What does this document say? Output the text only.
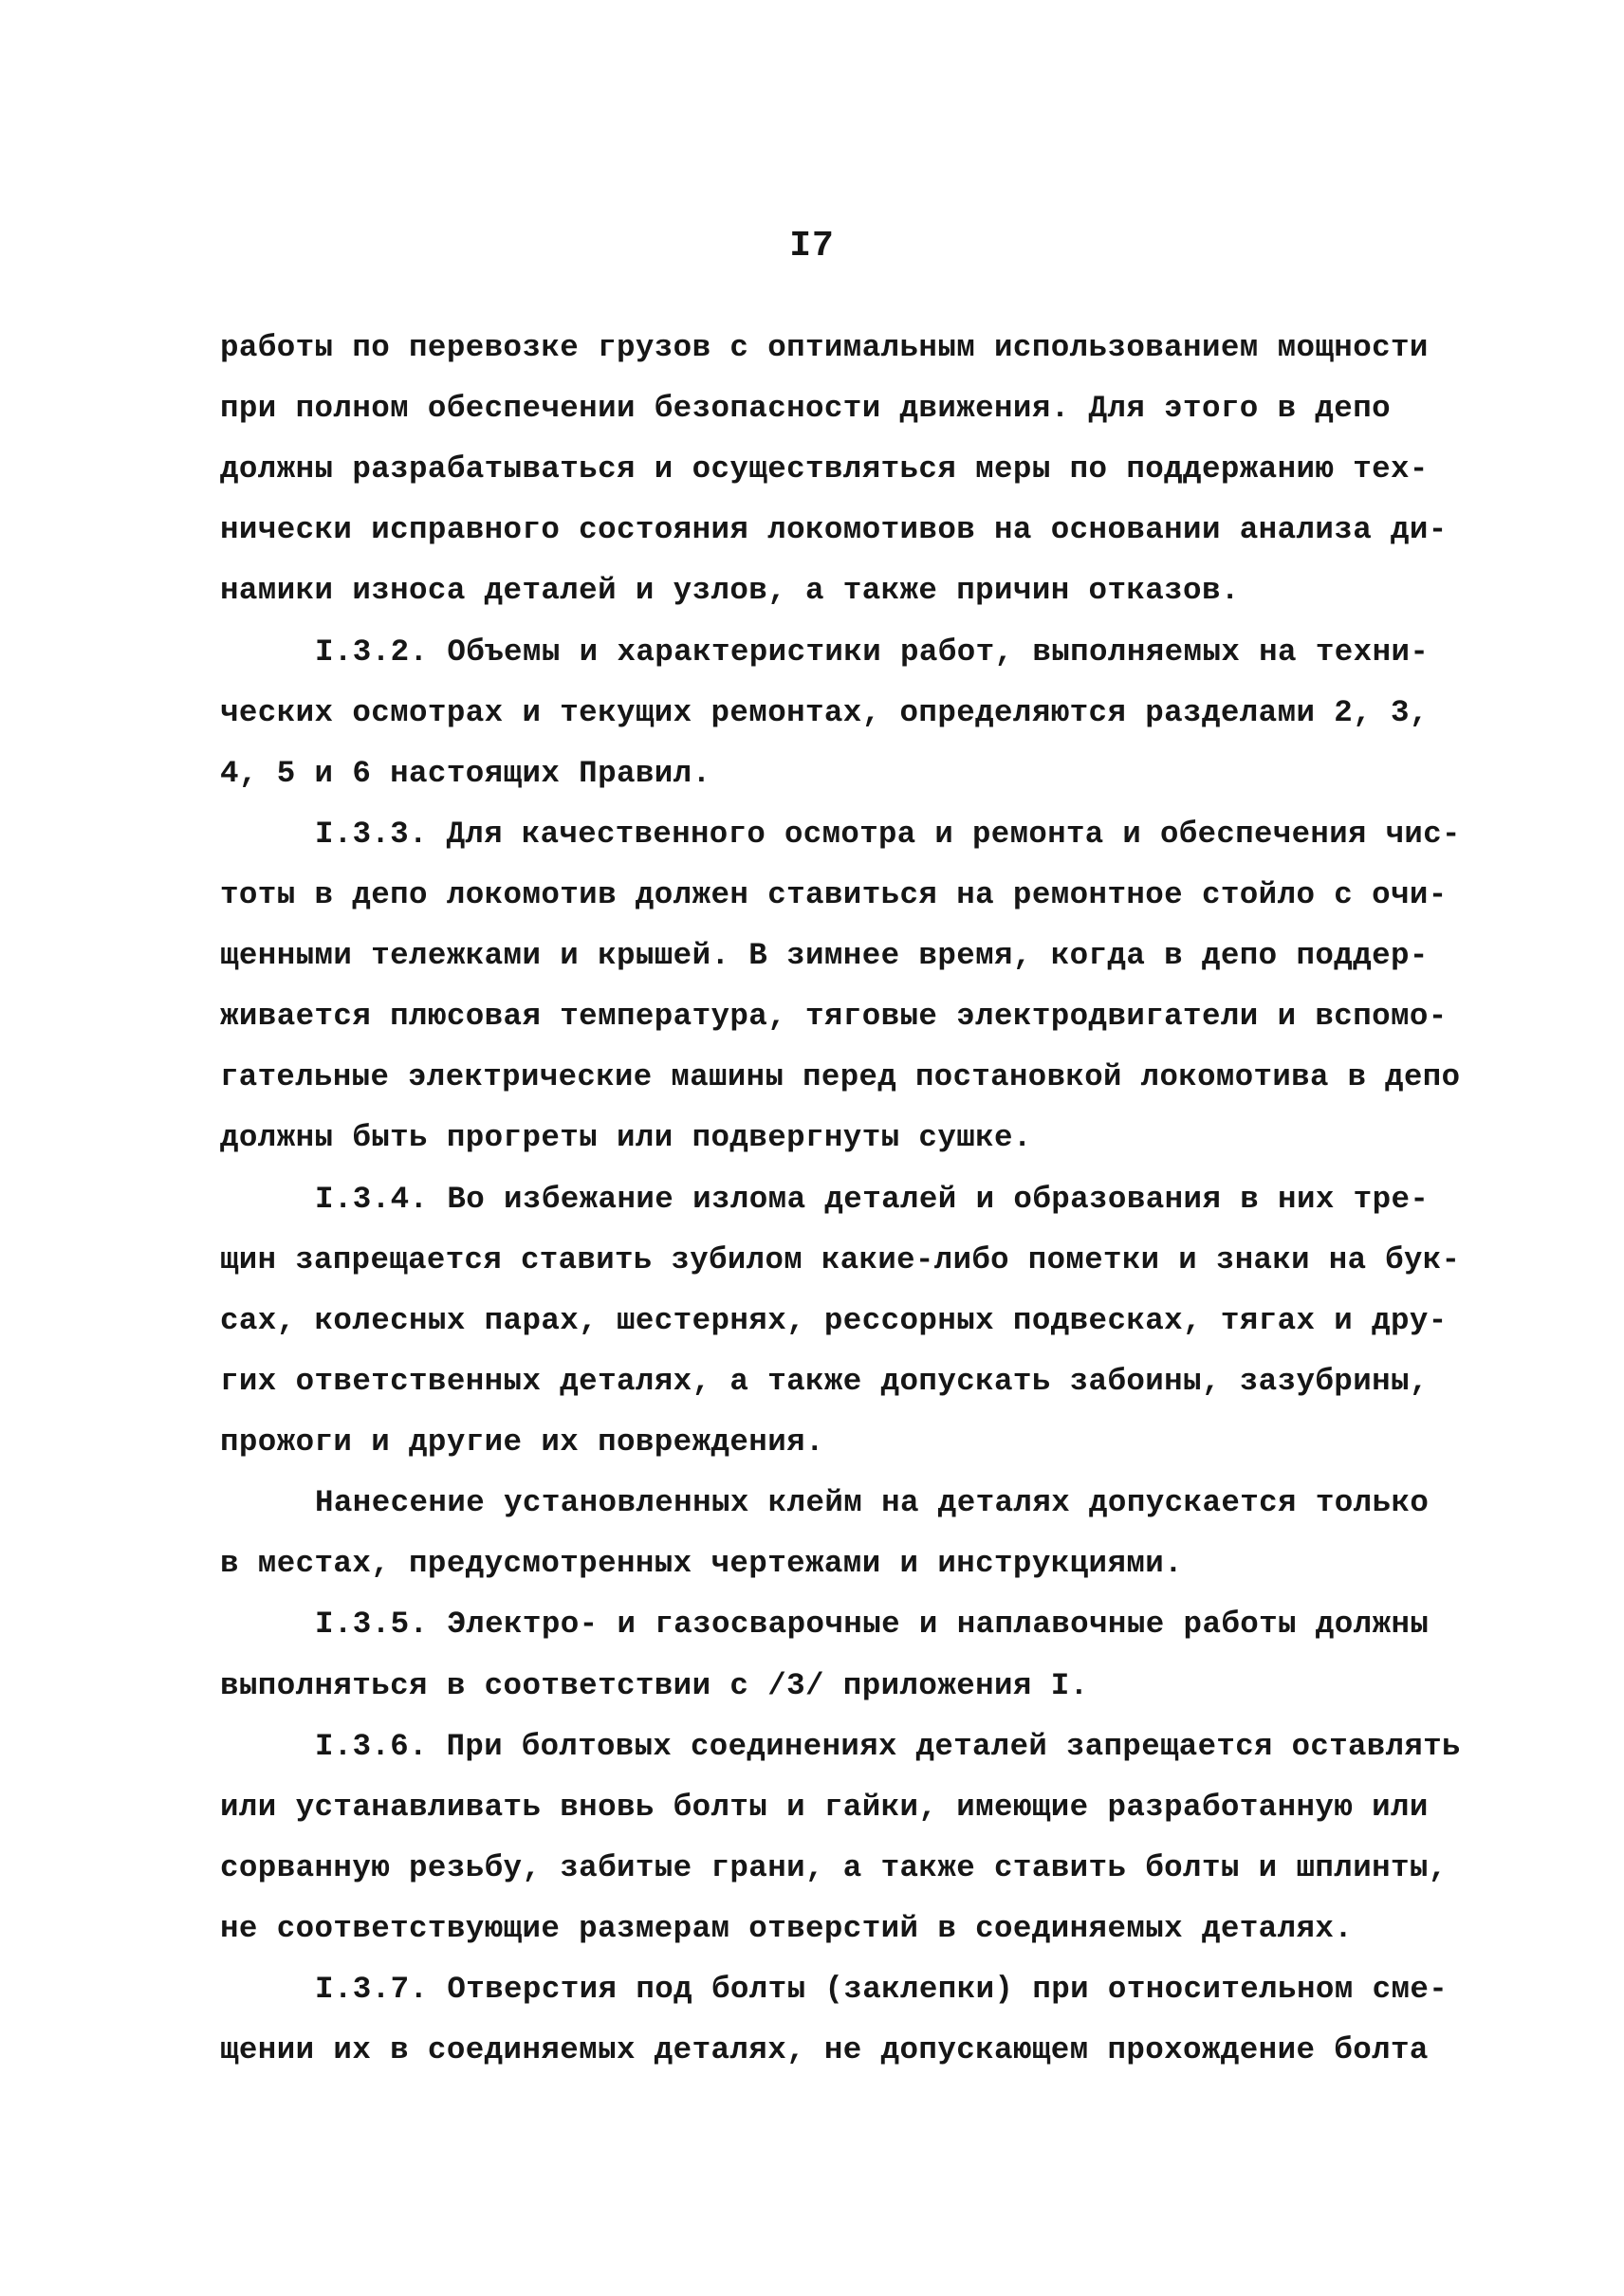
I7
работы по перевозке грузов с оптимальным использованием мощности
при полном обеспечении безопасности движения. Для этого в депо
должны разрабатываться и осуществляться меры по поддержанию тех-
нически исправного состояния локомотивов на основании анализа ди-
намики износа деталей и узлов, а также причин отказов.
I.3.2. Объемы и характеристики работ, выполняемых на техни-
ческих осмотрах и текущих ремонтах, определяются разделами 2, 3,
4, 5 и 6 настоящих Правил.
I.3.3. Для качественного осмотра и ремонта и обеспечения чис-
тоты в депо локомотив должен ставиться на ремонтное стойло с очи-
щенными тележками и крышей. В зимнее время, когда в депо поддер-
живается плюсовая температура, тяговые электродвигатели и вспомо-
гательные электрические машины перед постановкой локомотива в депо
должны быть прогреты или подвергнуты сушке.
I.3.4. Во избежание излома деталей и образования в них тре-
щин запрещается ставить зубилом какие-либо пометки и знаки на бук-
сах, колесных парах, шестернях, рессорных подвесках, тягах и дру-
гих ответственных деталях, а также допускать забоины, зазубрины,
прожоги и другие их повреждения.
Нанесение установленных клейм на деталях допускается только
в местах, предусмотренных чертежами и инструкциями.
I.3.5. Электро- и газосварочные и наплавочные работы должны
выполняться в соответствии с /3/ приложения I.
I.3.6. При болтовых соединениях деталей запрещается оставлять
или устанавливать вновь болты и гайки, имеющие разработанную или
сорванную резьбу, забитые грани, а также ставить болты и шплинты,
не соответствующие размерам отверстий в соединяемых деталях.
I.3.7. Отверстия под болты (заклепки) при относительном сме-
щении их в соединяемых деталях, не допускающем прохождение болта
